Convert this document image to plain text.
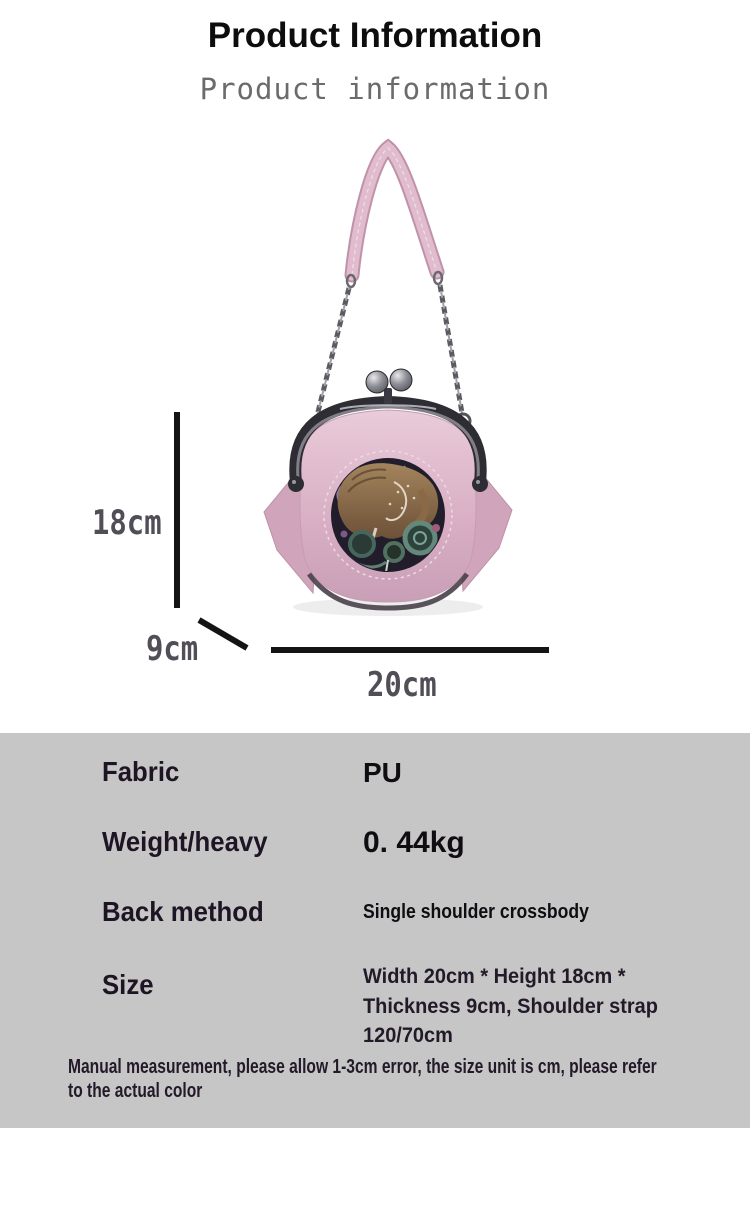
Product Information
Product information
18cm
9cm
20cm
Fabric	PU
Weight/heavy	0. 44kg
Back method	Single shoulder crossbody
Size	Width 20cm * Height 18cm *
Thickness 9cm, Shoulder strap
120/70cm
Manual measurement, please allow 1-3cm error, the size unit is cm, please refer
to the actual color
